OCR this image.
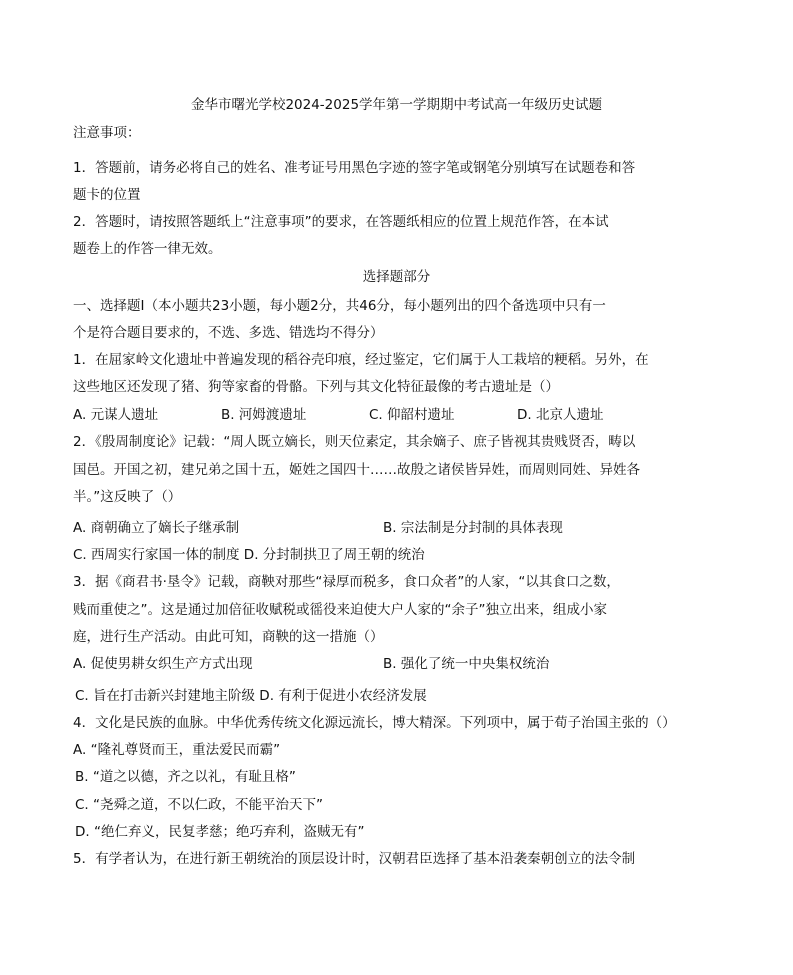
金华市曙光学校2024-2025学年第一学期期中考试高一年级历史试题
注意事项：
1．答题前，请务必将自己的姓名、准考证号用黑色字迹的签字笔或钢笔分别填写在试题卷和答
题卡的位置
2．答题时，请按照答题纸上“注意事项”的要求，在答题纸相应的位置上规范作答，在本试
题卷上的作答一律无效。
选择题部分
一、选择题I（本小题共23小题，每小题2分，共46分，每小题列出的四个备选项中只有一
个是符合题目要求的，不选、多选、错选均不得分）
1．在屈家岭文化遗址中普遍发现的稻谷壳印痕，经过鉴定，它们属于人工栽培的粳稻。另外，在
这些地区还发现了猪、狗等家畜的骨骼。下列与其文化特征最像的考古遗址是（）
A. 元谋人遗址	B. 河姆渡遗址	C. 仰韶村遗址	D. 北京人遗址
2．《殷周制度论》记载：“周人既立嫡长，则天位素定，其余嫡子、庶子皆视其贵贱贤否，畴以
国邑。开国之初，建兄弟之国十五，姬姓之国四十……故殷之诸侯皆异姓，而周则同姓、异姓各
半。”这反映了（）
A. 商朝确立了嫡长子继承制	B. 宗法制是分封制的具体表现
C. 西周实行家国一体的制度 D. 分封制拱卫了周王朝的统治
3．据《商君书·垦令》记载，商鞅对那些“禄厚而税多，食口众者”的人家，“以其食口之数，
贱而重使之”。这是通过加倍征收赋税或徭役来迫使大户人家的“余子”独立出来，组成小家
庭，进行生产活动。由此可知，商鞅的这一措施（）
A. 促使男耕女织生产方式出现	B. 强化了统一中央集权统治
C. 旨在打击新兴封建地主阶级 D. 有利于促进小农经济发展
4．文化是民族的血脉。中华优秀传统文化源远流长，博大精深。下列项中，属于荀子治国主张的（）
A. “隆礼尊贤而王，重法爱民而霸”
B. “道之以德，齐之以礼，有耻且格”
C. “尧舜之道，不以仁政，不能平治天下”
D. “绝仁弃义，民复孝慈；绝巧弃利，盗贼无有”
5．有学者认为，在进行新王朝统治的顶层设计时，汉朝君臣选择了基本沿袭秦朝创立的法令制
